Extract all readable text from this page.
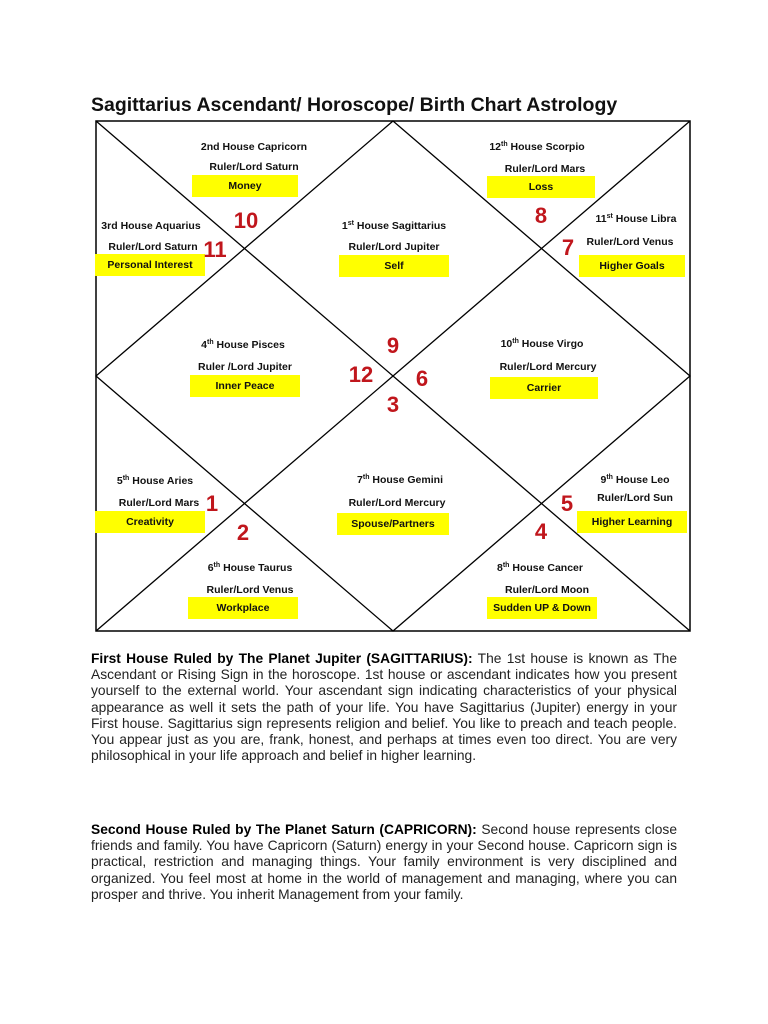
Sagittarius Ascendant/ Horoscope/ Birth Chart Astrology
2nd House Capricorn
Ruler/Lord Saturn
Money
12th House Scorpio
Ruler/Lord Mars
Loss
3rd House Aquarius
Ruler/Lord Saturn
Personal Interest
1st House Sagittarius
Ruler/Lord Jupiter
Self
11st House Libra
Ruler/Lord Venus
Higher Goals
4th House Pisces
Ruler /Lord Jupiter
Inner Peace
10th House Virgo
Ruler/Lord Mercury
Carrier
5th House Aries
Ruler/Lord Mars
Creativity
7th House Gemini
Ruler/Lord Mercury
Spouse/Partners
9th House Leo
Ruler/Lord Sun
Higher Learning
6th House Taurus
Ruler/Lord Venus
Workplace
8th House Cancer
Ruler/Lord Moon
Sudden UP & Down
10
11
8
7
9
12 6
3
1
2
5
4
First House Ruled by The Planet Jupiter (SAGITTARIUS): The 1st house is known as The Ascendant or Rising Sign in the horoscope. 1st house or ascendant indicates how you present yourself to the external world. Your ascendant sign indicating characteristics of your physical appearance as well it sets the path of your life. You have Sagittarius (Jupiter) energy in your First house. Sagittarius sign represents religion and belief. You like to preach and teach people. You appear just as you are, frank, honest, and perhaps at times even too direct. You are very philosophical in your life approach and belief in higher learning.
Second House Ruled by The Planet Saturn (CAPRICORN): Second house represents close friends and family. You have Capricorn (Saturn) energy in your Second house. Capricorn sign is practical, restriction and managing things. Your family environment is very disciplined and organized. You feel most at home in the world of management and managing, where you can prosper and thrive. You inherit Management from your family.
